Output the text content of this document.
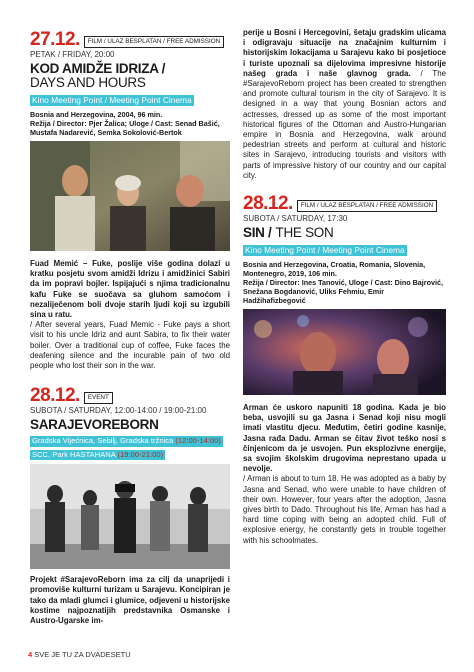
27.12.	FILM / ULAZ BESPLATAN / FREE ADMISSION
PETAK / FRIDAY, 20:00
KOD AMIDŽE IDRIZA /
DAYS AND HOURS
Kino Meeting Point / Meeting Point Cinema
Bosnia and Herzegovina, 2004, 96 min.
Režija / Director: Pjer Žalica; Uloge / Cast: Senad Bašić,
Mustafa Nadarević, Semka Sokolović-Bertok

Fuad Memić – Fuke, poslije više godina dolazi u kratku posjetu svom amidži Idrizu i amidžinici Sabiri da im popravi bojler. Ispijajući s njima tradicionalnu kafu Fuke se suočava sa gluhom samoćom i nezaliječenom boli dvoje starih ljudi koji su izgubili sina u ratu.

/ After several years, Fuad Memic - Fuke pays a short visit to his uncle Idriz and aunt Sabira, to fix their water boiler. Over a traditional cup of coffee, Fuke faces the deafening silence and the incurable pain of two old people who lost their son in the war.

28.12.	EVENT
SUBOTA / SATURDAY, 12:00-14:00 / 19:00-21:00
SARAJEVOREBORN
Gradska Vijećnica, Sebilj, Gradska tržnica (12:00-14:00)
SCC, Park HASTAHANA (19:00-21:00)

Projekt #SarajevoReborn ima za cilj da unaprijedi i promoviše kulturni turizam u Sarajevu. Koncipiran je tako da mladi glumci i glumice, odjeveni u historijske kostime najpoznatijih predstavnika Osmanske i Austro-Ugarske im-

perije u Bosni i Hercegovini, šetaju gradskim ulicama i odigravaju situacije na značajnim kulturnim i historijskim lokacijama u Sarajevu kako bi posjetioce i turiste upoznali sa dijelovima impresivne historije našeg grada i naše glavnog grada. / The #SarajevoReborn project has been created to strengthen and promote cultural tourism in the city of Sarajevo. It is designed in a way that young Bosnian actors and actresses, dressed up as some of the most important historical figures of the Ottoman and Austro-Hungarian empire in Bosnia and Herzegovina, walk around pedestrian streets and perform at cultural and historic sites in Sarajevo, introducing tourists and visitors with parts of impressive history of our country and our capital city.

28.12.	FILM / ULAZ BESPLATAN / FREE ADMISSION
SUBOTA / SATURDAY, 17:30
SIN / THE SON
Kino Meeting Point / Meeting Point Cinema
Bosnia and Herzegovina, Croatia, Romania, Slovenia,
Montenegro, 2019, 106 min.
Režija / Director: Ines Tanović, Uloge / Cast: Dino Bajrović,
Snežana Bogdanović, Uliks Fehmiu, Emir Hadžihafizbegović

Arman će uskoro napuniti 18 godina. Kada je bio beba, usvojili su ga Jasna i Senad koji nisu mogli imati vlastitu djecu. Međutim, četiri godine kasnije, Jasna rađa Dadu. Arman se čitav život teško nosi s činjenicom da je usvojen. Pun eksplozivne energije, sa svojim školskim drugovima neprestano upada u nevolje.

/ Arman is about to turn 18. He was adopted as a baby by Jasna and Senad, who were unable to have children of their own. However, four years after the adoption, Jasna gives birth to Dado. Throughout his life, Arman has had a hard time coping with being an adopted child. Full of explosive energy, he constantly gets in trouble together with his schoolmates.

4 SVE JE TU ZA DVADESETU
